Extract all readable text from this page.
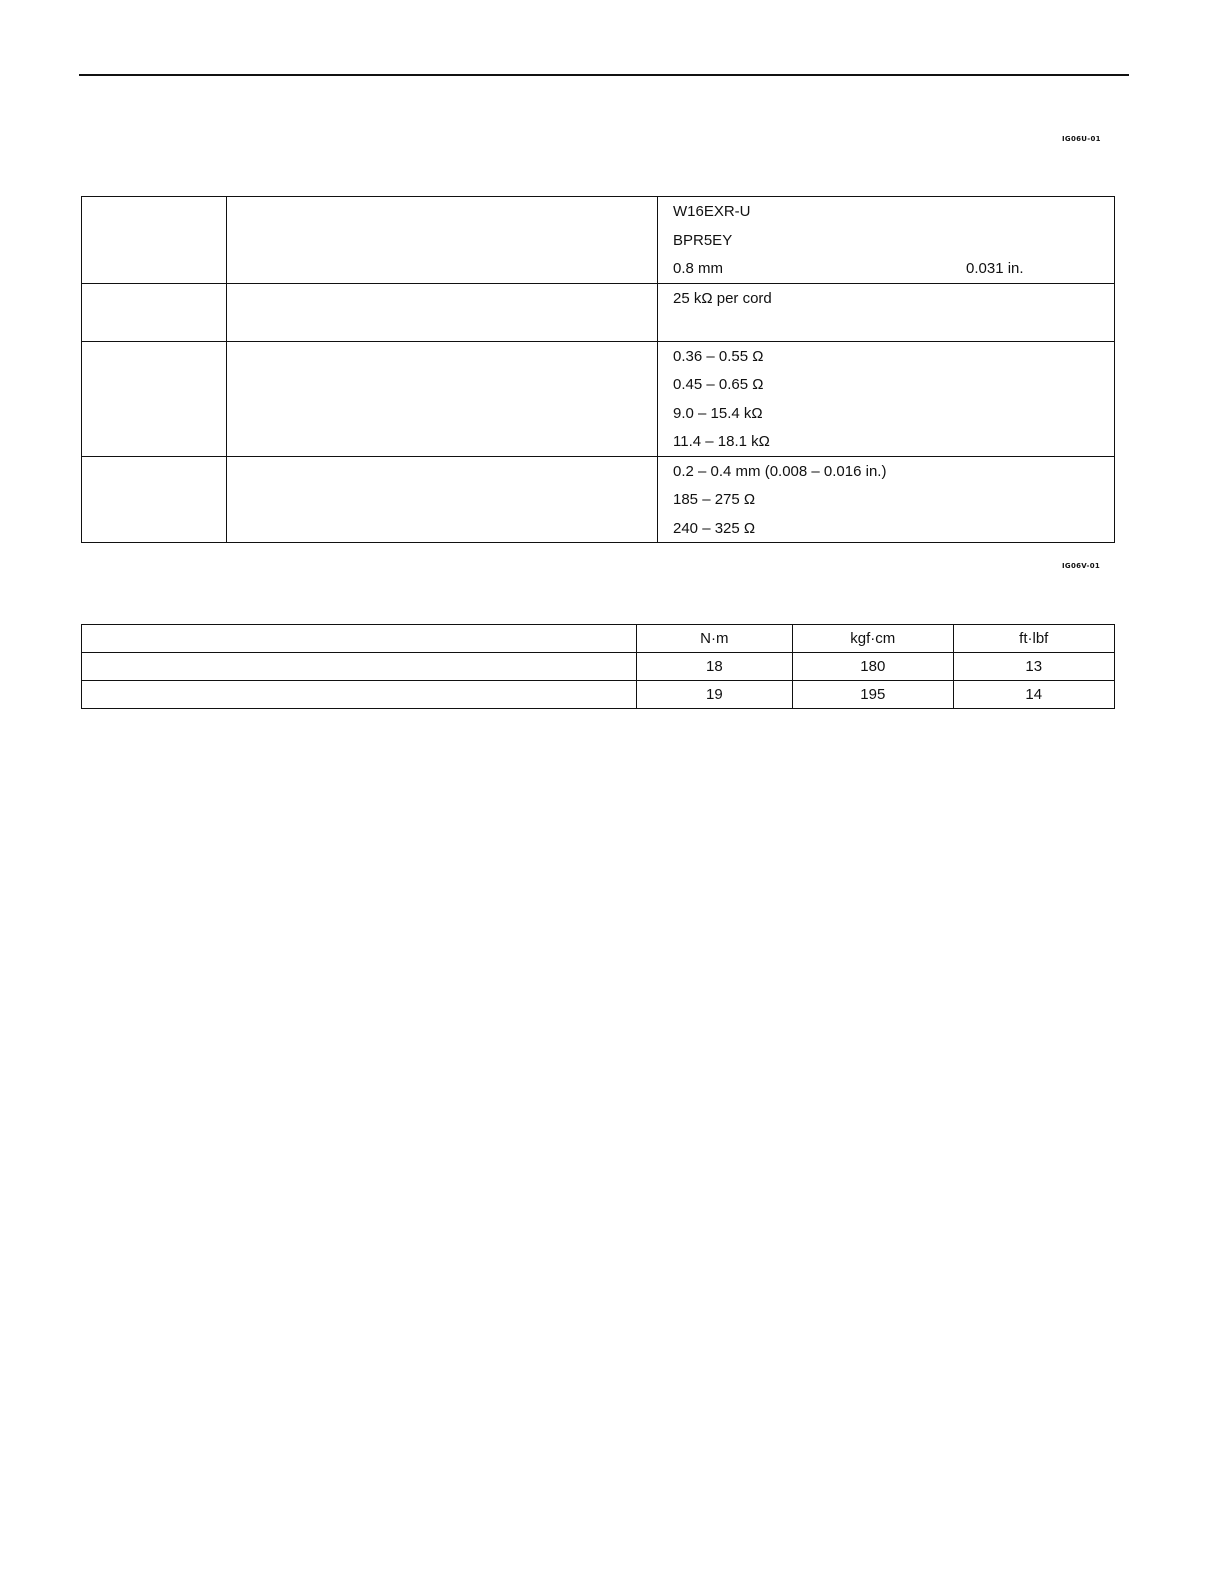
IG06U-01

		W16EXR-U
BPR5EY
0.8 mm 0.031 in.

		25 kΩ per cord

		0.36 – 0.55 Ω
0.45 – 0.65 Ω
9.0 – 15.4 kΩ
11.4 – 18.1 kΩ

		0.2 – 0.4 mm (0.008 – 0.016 in.)
185 – 275 Ω
240 – 325 Ω
IG06V-01
	N·m	kgf·cm	ft·lbf
	18	180	13
	19	195	14
